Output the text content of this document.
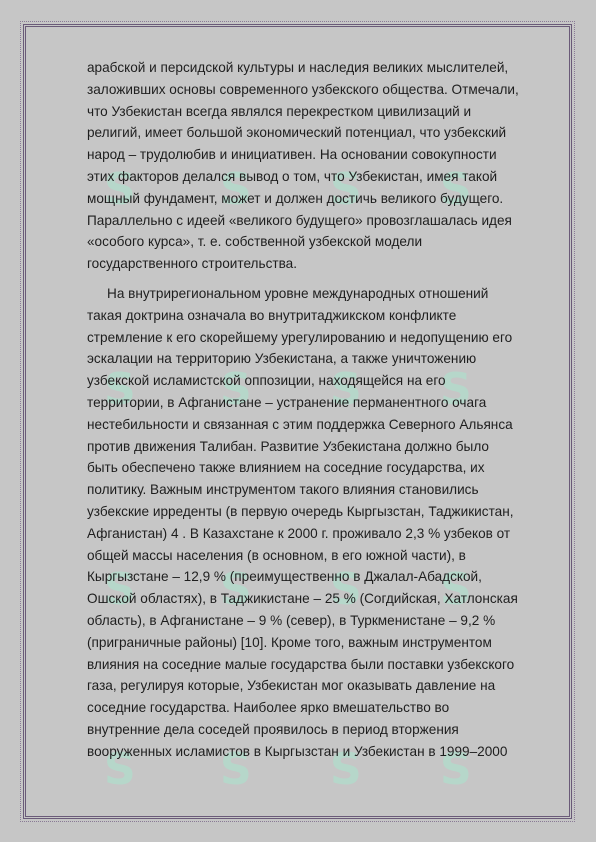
S S S S
S S S S
S S S S
S S S S

арабской и персидской культуры и наследия великих мыслителей,
заложивших основы современного узбекского общества. Отмечали,
что Узбекистан всегда являлся перекрестком цивилизаций и
религий, имеет большой экономический потенциал, что узбекский
народ – трудолюбив и инициативен. На основании совокупности
этих факторов делался вывод о том, что Узбекистан, имея такой
мощный фундамент, может и должен достичь великого будущего.
Параллельно с идеей «великого будущего» провозглашалась идея
«особого курса», т. е. собственной узбекской модели
государственного строительства.

На внутрирегиональном уровне международных отношений
такая доктрина означала во внутритаджикском конфликте
стремление к его скорейшему урегулированию и недопущению его
эскалации на территорию Узбекистана, а также уничтожению
узбекской исламистской оппозиции, находящейся на его
территории, в Афганистане – устранение перманентного очага
нестебильности и связанная с этим поддержка Северного Альянса
против движения Талибан. Развитие Узбекистана должно было
быть обеспечено также влиянием на соседние государства, их
политику. Важным инструментом такого влияния становились
узбекские ирреденты (в первую очередь Кыргызстан, Таджикистан,
Афганистан) 4 . В Казахстане к 2000 г. проживало 2,3 % узбеков от
общей массы населения (в основном, в его южной части), в
Кыргызстане – 12,9 % (преимущественно в Джалал-Абадской,
Ошской областях), в Таджикистане – 25 % (Согдийская, Хатлонская
область), в Афганистане – 9 % (север), в Туркменистане – 9,2 %
(приграничные районы) [10]. Кроме того, важным инструментом
влияния на соседние малые государства были поставки узбекского
газа, регулируя которые, Узбекистан мог оказывать давление на
соседние государства. Наиболее ярко вмешательство во
внутренние дела соседей проявилось в период вторжения
вооруженных исламистов в Кыргызстан и Узбекистан в 1999–2000
